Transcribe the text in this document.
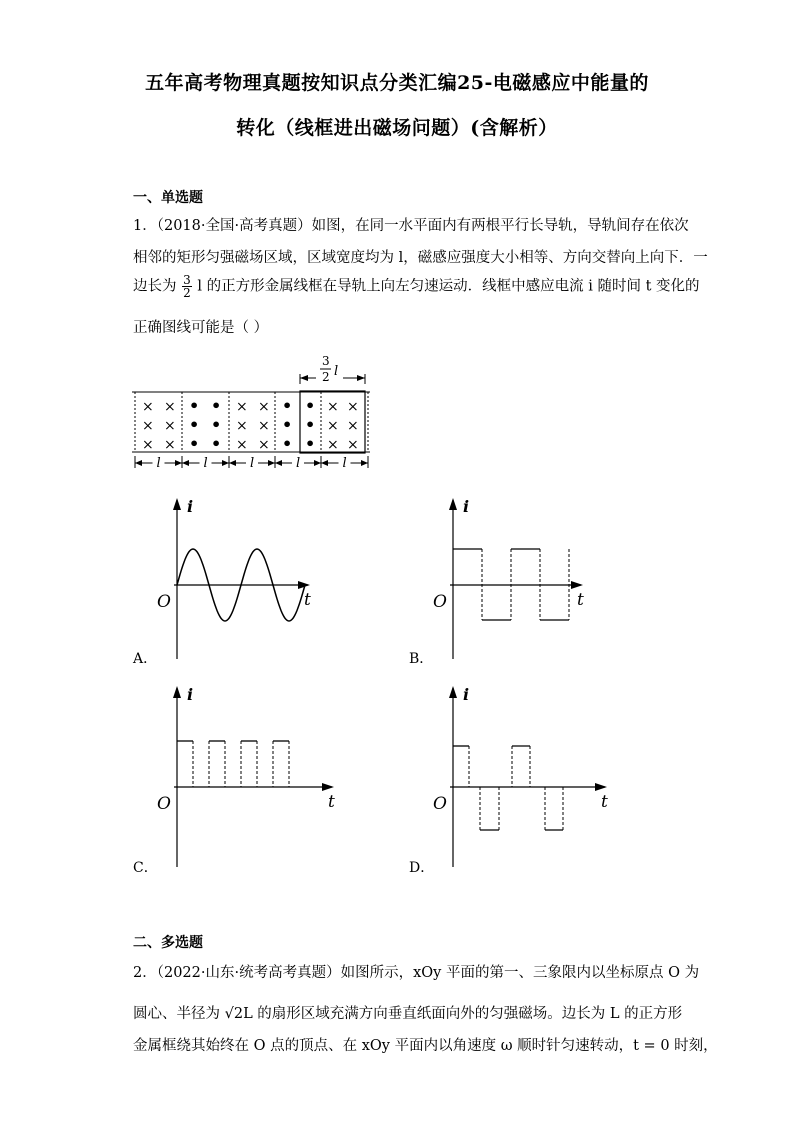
五年高考物理真题按知识点分类汇编25-电磁感应中能量的
转化（线框进出磁场问题）(含解析）
一、单选题
1．（2018·全国·高考真题）如图，在同一水平面内有两根平行长导轨，导轨间存在依次
相邻的矩形匀强磁场区域，区域宽度均为 l，磁感应强度大小相等、方向交替向上向下．一
边长为 $\frac{3}{2}$ l 的正方形金属线框在导轨上向左匀速运动．线框中感应电流 i 随时间 t 变化的
正确图线可能是（ ）
3
2 l
×
×
×
×
×
×
•
•
•
•
•
•
×
×
×
×
×
×
•
•
•
•
•
•
×
×
×
×
×
×
l	l	l	l	l
i
t
O
i
t
O
i
t
O
i
t
O
A．	B．
C．	D．
二、多选题
2．（2022·山东·统考高考真题）如图所示，xOy 平面的第一、三象限内以坐标原点 O 为
圆心、半径为 √2L 的扇形区域充满方向垂直纸面向外的匀强磁场。边长为 L 的正方形
金属框绕其始终在 O 点的顶点、在 xOy 平面内以角速度 ω 顺时针匀速转动，t = 0 时刻，
